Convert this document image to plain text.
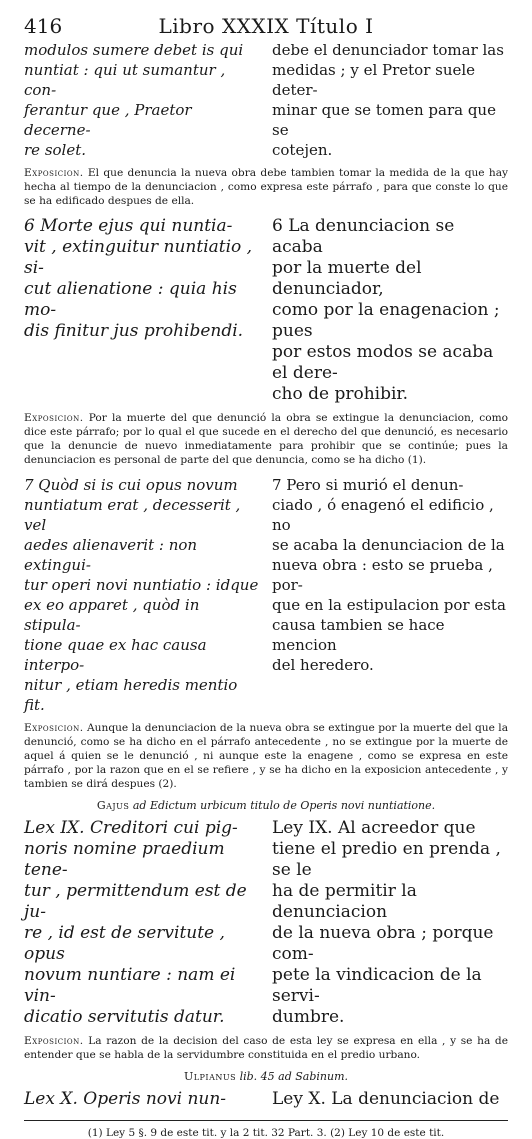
416	Libro XXXIX Título I
modulos sumere debet is qui
nuntiat : qui ut sumantur , con-
ferantur que , Praetor decerne-
re solet.
debe el denunciador tomar las
medidas ; y el Pretor suele deter-
minar que se tomen para que se
cotejen.
Exposicion. El que denuncia la nueva obra debe tambien tomar la medida de la que hay hecha al tiempo de la denunciacion , como expresa este párrafo , para que conste lo que se ha edificado despues de ella.
6 Morte ejus qui nuntia-
vit , extinguitur nuntiatio , si-
cut alienatione : quia his mo-
dis finitur jus prohibendi.
6 La denunciacion se acaba
por la muerte del denunciador,
como por la enagenacion ; pues
por estos modos se acaba el dere-
cho de prohibir.
Exposicion. Por la muerte del que denunció la obra se extingue la denunciacion, como dice este párrafo; por lo qual el que sucede en el derecho del que denunció, es necesario que la denuncie de nuevo inmediatamente para prohibir que se continúe; pues la denunciacion es personal de parte del que denuncia, como se ha dicho (1).
7 Quòd si is cui opus novum
nuntiatum erat , decesserit , vel
aedes alienaverit : non extingui-
tur operi novi nuntiatio : idque
ex eo apparet , quòd in stipula-
tione quae ex hac causa interpo-
nitur , etiam heredis mentio fit.
7 Pero si murió el denun-
ciado , ó enagenó el edificio , no
se acaba la denunciacion de la
nueva obra : esto se prueba , por-
que en la estipulacion por esta
causa tambien se hace mencion
del heredero.
Exposicion. Aunque la denunciacion de la nueva obra se extingue por la muerte del que la denunció, como se ha dicho en el párrafo antecedente , no se extingue por la muerte de aquel á quien se le denunció , ni aunque este la enagene , como se expresa en este párrafo , por la razon que en el se refiere , y se ha dicho en la exposicion antecedente , y tambien se dirá despues (2).
Gajus ad Edictum urbicum titulo de Operis novi nuntiatione.
Lex IX. Creditori cui pig-
noris nomine praedium tene-
tur , permittendum est de ju-
re , id est de servitute , opus
novum nuntiare : nam ei vin-
dicatio servitutis datur.
Ley IX. Al acreedor que
tiene el predio en prenda , se le
ha de permitir la denunciacion
de la nueva obra ; porque com-
pete la vindicacion de la servi-
dumbre.
Exposicion. La razon de la decision del caso de esta ley se expresa en ella , y se ha de entender que se habla de la servidumbre constituida en el predio urbano.
Ulpianus lib. 45 ad Sabinum.
Lex X. Operis novi nun-	Ley X. La denunciacion de
(1) Ley 5 §. 9 de este tit. y la 2 tit. 32 Part. 3. (2) Ley 10 de este tit.
